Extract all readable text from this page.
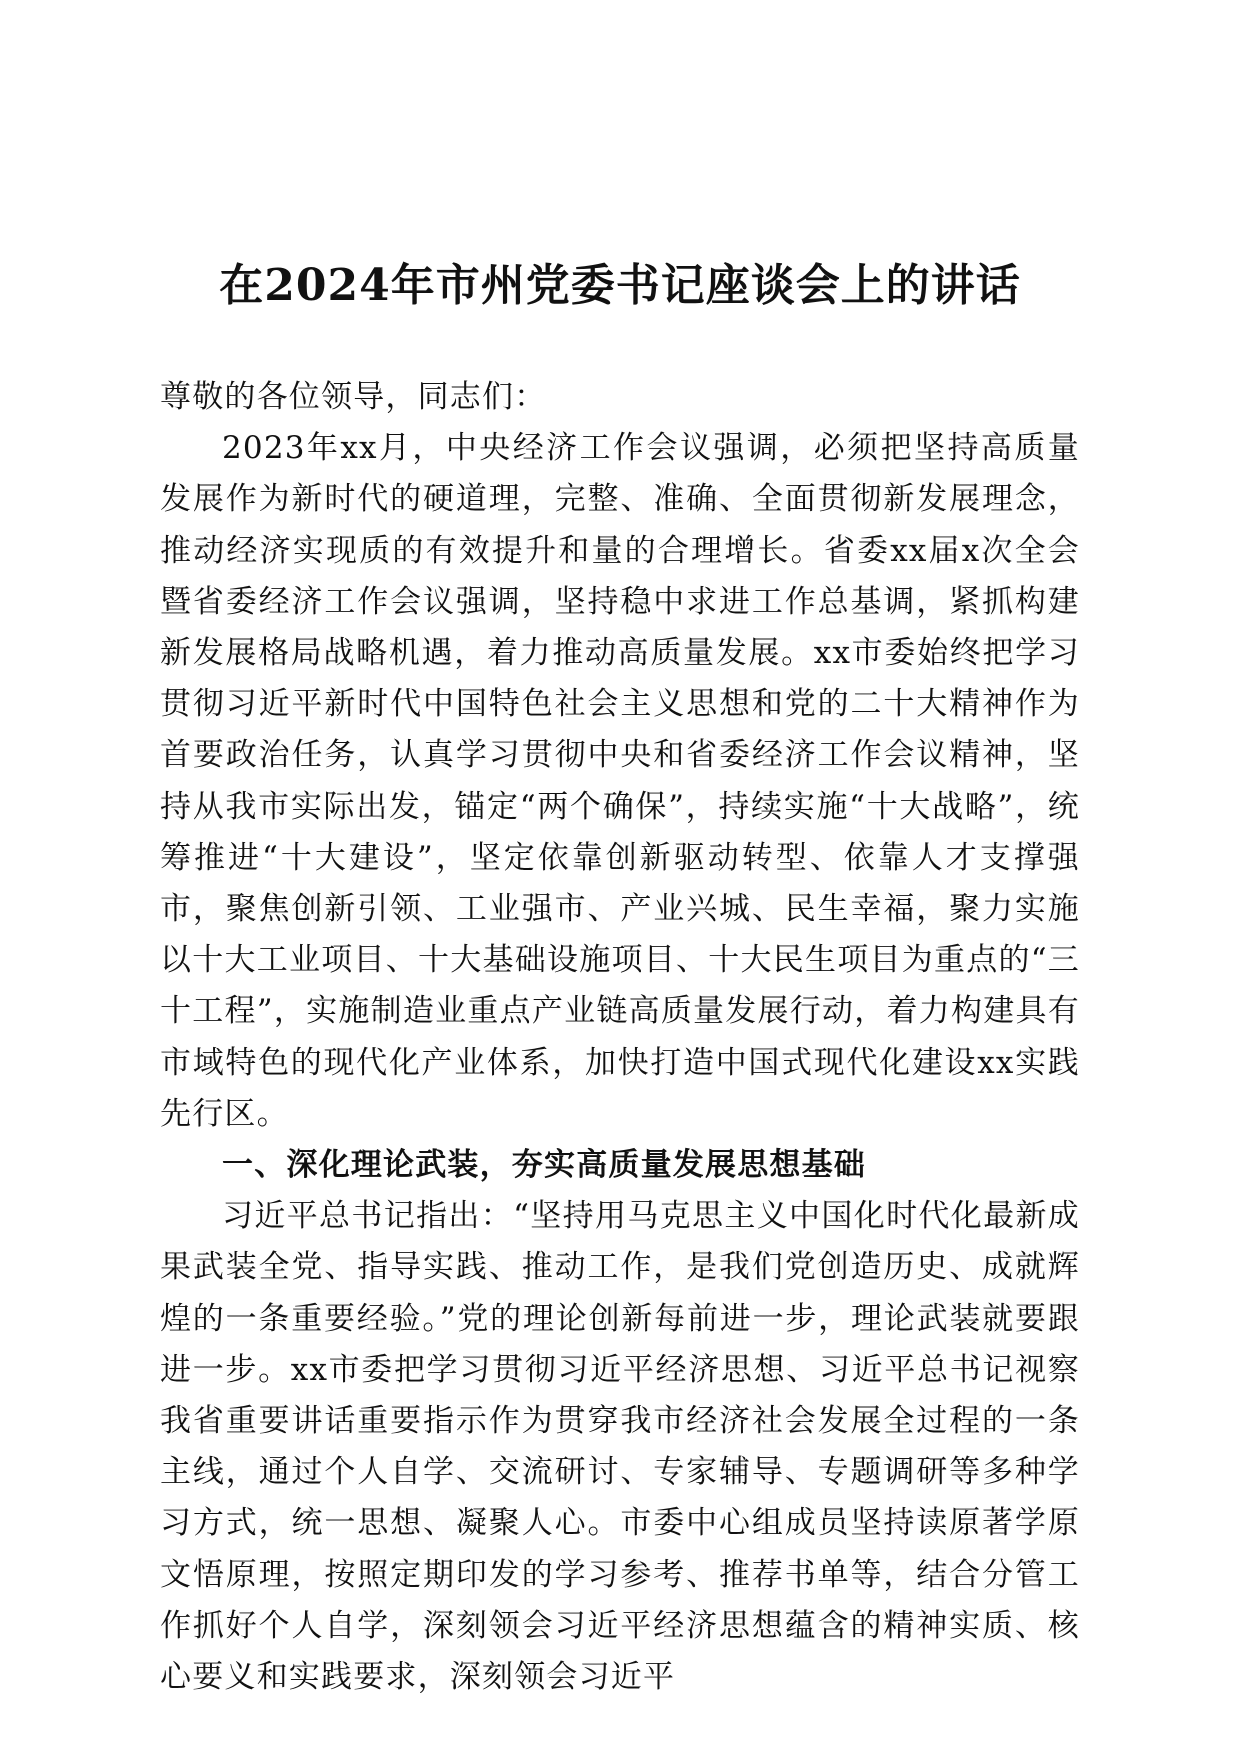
在2024年市州党委书记座谈会上的讲话

尊敬的各位领导，同志们：

2023年xx月，中央经济工作会议强调，必须把坚持高质量发展作为新时代的硬道理，完整、准确、全面贯彻新发展理念，推动经济实现质的有效提升和量的合理增长。省委xx届x次全会暨省委经济工作会议强调，坚持稳中求进工作总基调，紧抓构建新发展格局战略机遇，着力推动高质量发展。xx市委始终把学习贯彻习近平新时代中国特色社会主义思想和党的二十大精神作为首要政治任务，认真学习贯彻中央和省委经济工作会议精神，坚持从我市实际出发，锚定“两个确保”，持续实施“十大战略”，统筹推进“十大建设”，坚定依靠创新驱动转型、依靠人才支撑强市，聚焦创新引领、工业强市、产业兴城、民生幸福，聚力实施以十大工业项目、十大基础设施项目、十大民生项目为重点的“三十工程”，实施制造业重点产业链高质量发展行动，着力构建具有市域特色的现代化产业体系，加快打造中国式现代化建设xx实践先行区。

一、深化理论武装，夯实高质量发展思想基础

习近平总书记指出：“坚持用马克思主义中国化时代化最新成果武装全党、指导实践、推动工作，是我们党创造历史、成就辉煌的一条重要经验。”党的理论创新每前进一步，理论武装就要跟进一步。xx市委把学习贯彻习近平经济思想、习近平总书记视察我省重要讲话重要指示作为贯穿我市经济社会发展全过程的一条主线，通过个人自学、交流研讨、专家辅导、专题调研等多种学习方式，统一思想、凝聚人心。市委中心组成员坚持读原著学原文悟原理，按照定期印发的学习参考、推荐书单等，结合分管工作抓好个人自学，深刻领会习近平经济思想蕴含的精神实质、核心要义和实践要求，深刻领会习近平
